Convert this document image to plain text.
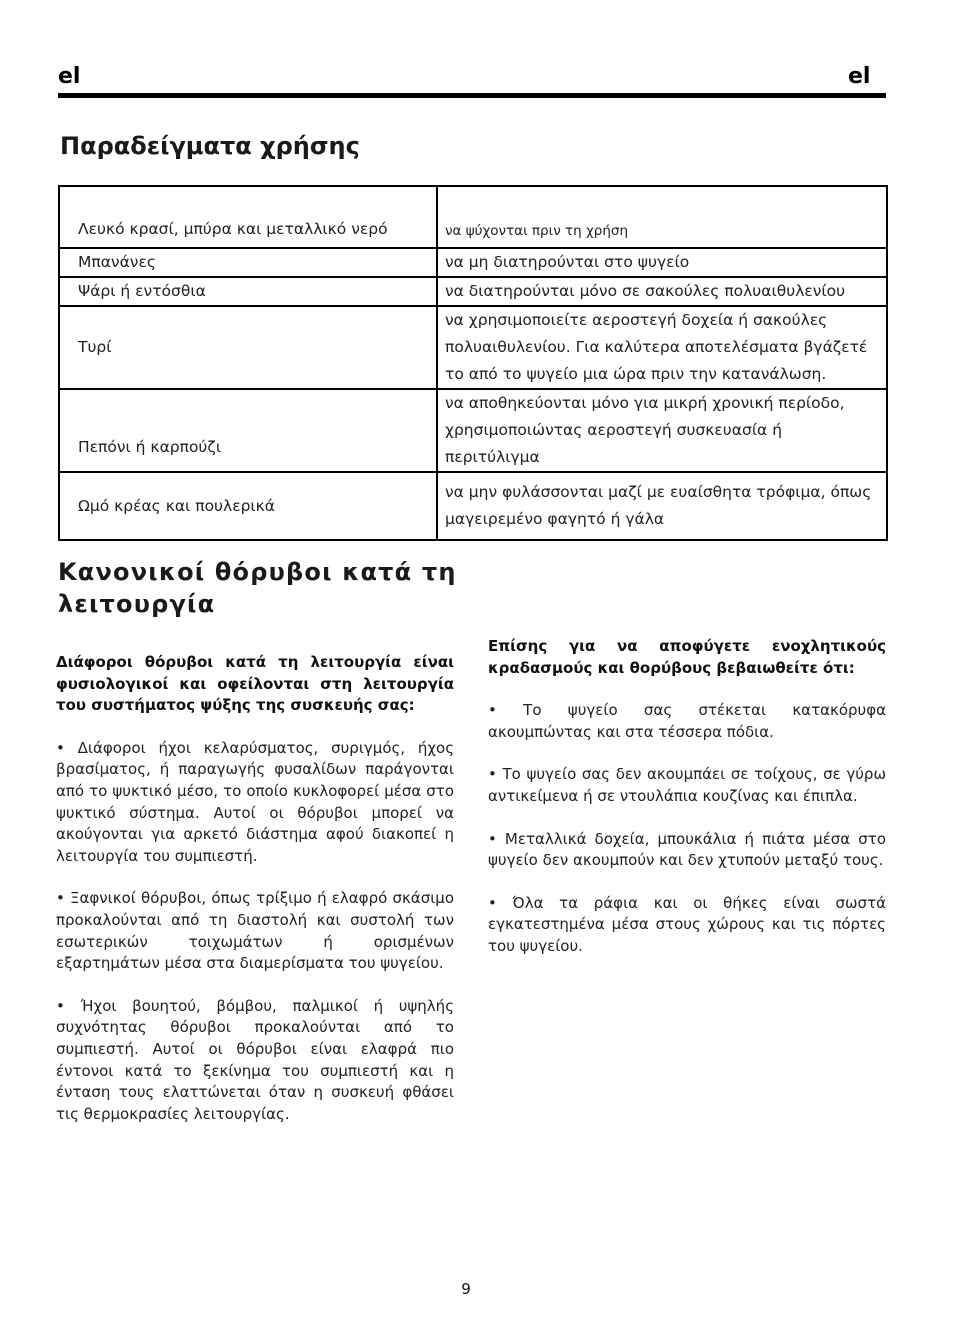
el	el
Παραδείγματα χρήσης
Λευκό κρασί, μπύρα και μεταλλικό νερό	να ψύχονται πριν τη χρήση
Μπανάνες	να μη διατηρούνται στο ψυγείο
Ψάρι ή εντόσθια	να διατηρούνται μόνο σε σακούλες πολυαιθυλενίου
Τυρί	να χρησιμοποιείτε αεροστεγή δοχεία ή σακούλες πολυαιθυλενίου. Για καλύτερα αποτελέσματα βγάζετέ το από το ψυγείο μια ώρα πριν την κατανάλωση.
Πεπόνι ή καρπούζι	να αποθηκεύονται μόνο για μικρή χρονική περίοδο, χρησιμοποιώντας αεροστεγή συσκευασία ή περιτύλιγμα
Ωμό κρέας και πουλερικά	να μην φυλάσσονται μαζί με ευαίσθητα τρόφιμα, όπως μαγειρεμένο φαγητό ή γάλα
Κανονικοί θόρυβοι κατά τη λειτουργία

Διάφοροι θόρυβοι κατά τη λειτουργία είναι φυσιολογικοί και οφείλονται στη λειτουργία του συστήματος ψύξης της συσκευής σας:

• Διάφοροι ήχοι κελαρύσματος, συριγμός, ήχος βρασίματος, ή παραγωγής φυσαλίδων παράγονται από το ψυκτικό μέσο, το οποίο κυκλοφορεί μέσα στο ψυκτικό σύστημα. Αυτοί οι θόρυβοι μπορεί να ακούγονται για αρκετό διάστημα αφού διακοπεί η λειτουργία του συμπιεστή.

• Ξαφνικοί θόρυβοι, όπως τρίξιμο ή ελαφρό σκάσιμο προκαλούνται από τη διαστολή και συστολή των εσωτερικών τοιχωμάτων ή ορισμένων εξαρτημάτων μέσα στα διαμερίσματα του ψυγείου.

• Ήχοι βουητού, βόμβου, παλμικοί ή υψηλής συχνότητας θόρυβοι προκαλούνται από το συμπιεστή. Αυτοί οι θόρυβοι είναι ελαφρά πιο έντονοι κατά το ξεκίνημα του συμπιεστή και η ένταση τους ελαττώνεται όταν η συσκευή φθάσει τις θερμοκρασίες λειτουργίας.

Επίσης για να αποφύγετε ενοχλητικούς κραδασμούς και θορύβους βεβαιωθείτε ότι:

• Το ψυγείο σας στέκεται κατακόρυφα ακουμπώντας και στα τέσσερα πόδια.

• Το ψυγείο σας δεν ακουμπάει σε τοίχους, σε γύρω αντικείμενα ή σε ντουλάπια κουζίνας και έπιπλα.

• Μεταλλικά δοχεία, μπουκάλια ή πιάτα μέσα στο ψυγείο δεν ακουμπούν και δεν χτυπούν μεταξύ τους.

• Όλα τα ράφια και οι θήκες είναι σωστά εγκατεστημένα μέσα στους χώρους και τις πόρτες του ψυγείου.

9
